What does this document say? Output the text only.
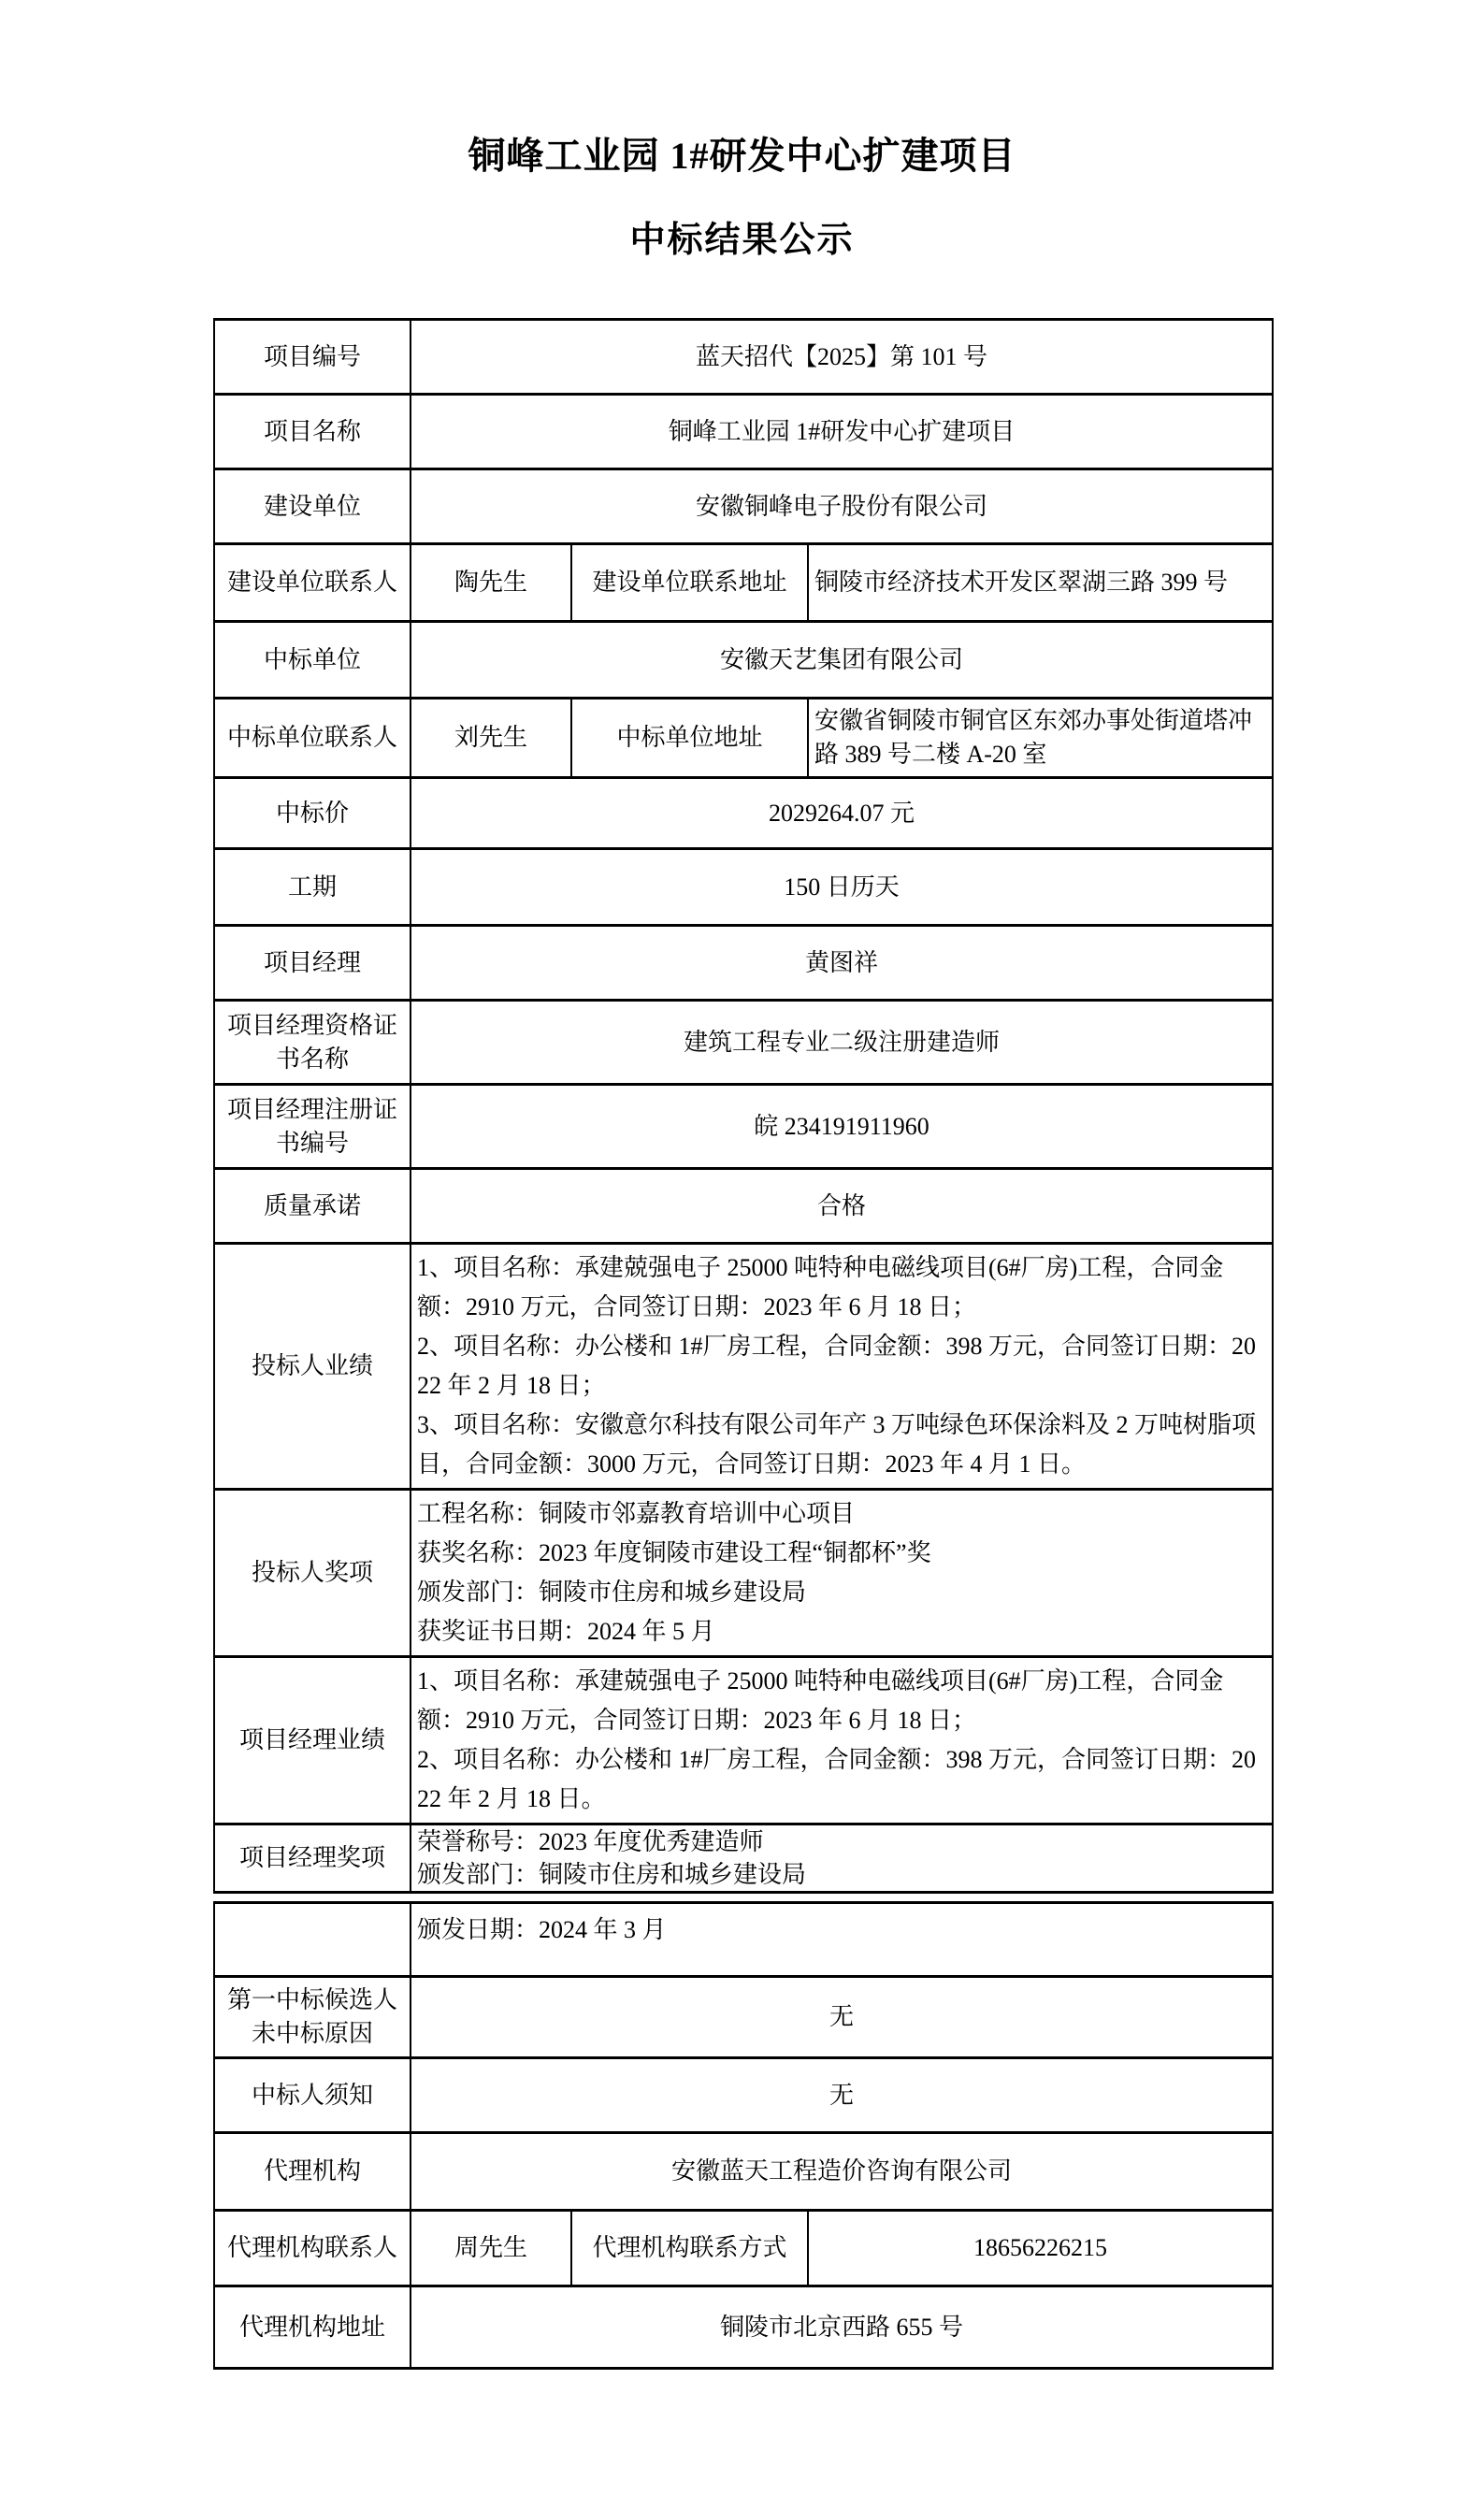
铜峰工业园 1#研发中心扩建项目
中标结果公示
项目编号	蓝天招代【2025】第 101 号		
项目名称	铜峰工业园 1#研发中心扩建项目		
建设单位	安徽铜峰电子股份有限公司		
建设单位联系人	陶先生	建设单位联系地址	铜陵市经济技术开发区翠湖三路 399 号
中标单位	安徽天艺集团有限公司		
中标单位联系人	刘先生	中标单位地址	安徽省铜陵市铜官区东郊办事处街道塔冲路 389 号二楼 A-20 室
中标价	2029264.07 元		
工期	150 日历天		
项目经理	黄图祥		
项目经理资格证书名称	建筑工程专业二级注册建造师		
项目经理注册证书编号	皖 234191911960		
质量承诺	合格		
投标人业绩	1、项目名称：承建兢强电子 25000 吨特种电磁线项目(6#厂房)工程，合同金额：2910 万元，合同签订日期：2023 年 6 月 18 日；
2、项目名称：办公楼和 1#厂房工程，合同金额：398 万元，合同签订日期：2022 年 2 月 18 日；
3、项目名称：安徽意尔科技有限公司年产 3 万吨绿色环保涂料及 2 万吨树脂项目，合同金额：3000 万元，合同签订日期：2023 年 4 月 1 日。		

投标人奖项	工程名称：铜陵市邻嘉教育培训中心项目
获奖名称：2023 年度铜陵市建设工程“铜都杯”奖
颁发部门：铜陵市住房和城乡建设局
获奖证书日期：2024 年 5 月		

项目经理业绩	1、项目名称：承建兢强电子 25000 吨特种电磁线项目(6#厂房)工程，合同金额：2910 万元，合同签订日期：2023 年 6 月 18 日；
2、项目名称：办公楼和 1#厂房工程，合同金额：398 万元，合同签订日期：2022 年 2 月 18 日。		

项目经理奖项	荣誉称号：2023 年度优秀建造师
颁发部门：铜陵市住房和城乡建设局		
	颁发日期：2024 年 3 月		
第一中标候选人未中标原因	无		
中标人须知	无		
代理机构	安徽蓝天工程造价咨询有限公司		
代理机构联系人	周先生	代理机构联系方式	18656226215
代理机构地址	铜陵市北京西路 655 号		
